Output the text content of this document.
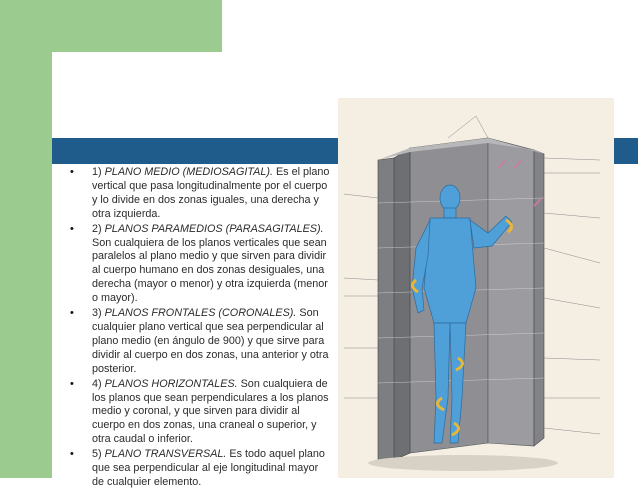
• 1) PLANO MEDIO (MEDIOSAGITAL). Es el plano vertical que pasa longitudinalmente por el cuerpo y lo divide en dos zonas iguales, una derecha y otra izquierda.
• 2) PLANOS PARAMEDIOS (PARASAGITALES). Son cualquiera de los planos verticales que sean paralelos al plano medio y que sirven para dividir al cuerpo humano en dos zonas desiguales, una derecha (mayor o menor) y otra izquierda (menor o mayor).
• 3) PLANOS FRONTALES (CORONALES). Son cualquier plano vertical que sea perpendicular al plano medio (en ángulo de 900) y que sirve para dividir al cuerpo en dos zonas, una anterior y otra posterior.
• 4) PLANOS HORIZONTALES. Son cualquiera de los planos que sean perpendiculares a los planos medio y coronal, y que sirven para dividir al cuerpo en dos zonas, una craneal o superior, y otra caudal o inferior.
• 5) PLANO TRANSVERSAL. Es todo aquel plano que sea perpendicular al eje longitudinal mayor de cualquier elemento.
